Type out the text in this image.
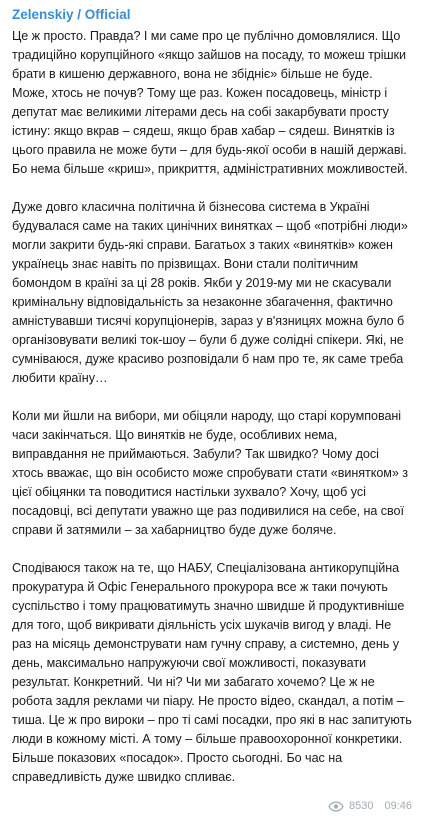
Zelenskiy / Official

Це ж просто. Правда? І ми саме про це публічно домовлялися. Що традиційно корупційного «якщо зайшов на посаду, то можеш трішки брати в кишеню державного, вона не збідніє» більше не буде. Може, хтось не почув? Тому ще раз. Кожен посадовець, міністр і депутат має великими літерами десь на собі закарбувати просту істину: якщо вкрав – сядеш, якщо брав хабар – сядеш. Винятків із цього правила не може бути – для будь-якої особи в нашій державі. Бо нема більше «криш», прикриття, адміністративних можливостей.

Дуже довго класична політична й бізнесова система в Україні будувалася саме на таких цинічних винятках – щоб «потрібні люди» могли закрити будь-які справи. Багатьох з таких «винятків» кожен українець знає навіть по прізвищах. Вони стали політичним бомондом в країні за ці 28 років. Якби у 2019-му ми не скасували кримінальну відповідальність за незаконне збагачення, фактично амністувавши тисячі корупціонерів, зараз у в'язницях можна було б організовувати великі ток-шоу – були б дуже солідні спікери. Які, не сумніваюся, дуже красиво розповідали б нам про те, як саме треба любити країну…

Коли ми йшли на вибори, ми обіцяли народу, що старі корумповані часи закінчаться. Що винятків не буде, особливих нема, виправдання не приймаються. Забули? Так швидко? Чому досі хтось вважає, що він особисто може спробувати стати «винятком» з цієї обіцянки та поводитися настільки зухвало? Хочу, щоб усі посадовці, всі депутати уважно ще раз подивилися на себе, на свої справи й затямили – за хабарництво буде дуже боляче.

Сподіваюся також на те, що НАБУ, Спеціалізована антикорупційна прокуратура й Офіс Генерального прокурора все ж таки почують суспільство і тому працюватимуть значно швидше й продуктивніше для того, щоб викривати діяльність усіх шукачів вигод у владі. Не раз на місяць демонструвати нам гучну справу, а системно, день у день, максимально напружуючи свої можливості, показувати результат. Конкретний. Чи ні? Чи ми забагато хочемо? Це ж не робота задля реклами чи піару. Не просто відео, скандал, а потім – тиша. Це ж про вироки – про ті самі посадки, про які в нас запитують люди в кожному місті. А тому – більше правоохоронної конкретики. Більше показових «посадок». Просто сьогодні. Бо час на справедливість дуже швидко спливає.

8530 09:46
